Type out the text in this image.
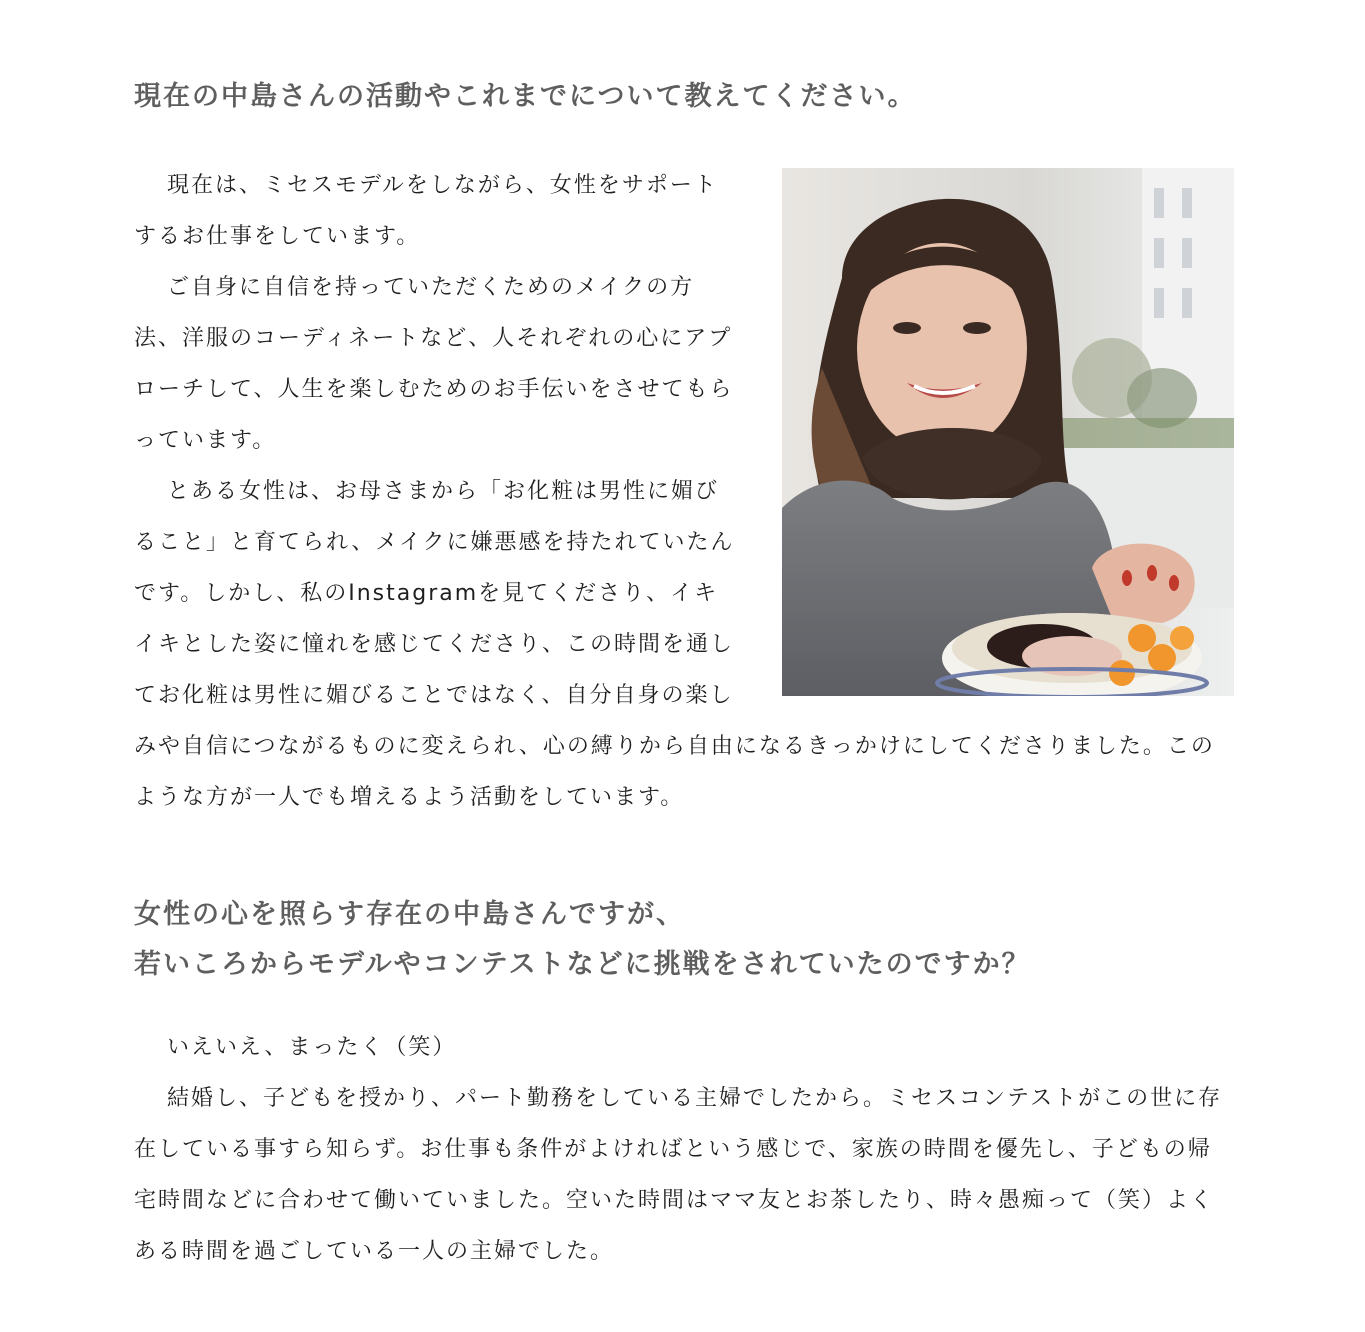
現在の中島さんの活動やこれまでについて教えてください。

現在は、ミセスモデルをしながら、女性をサポートするお仕事をしています。

ご自身に自信を持っていただくためのメイクの方法、洋服のコーディネートなど、人それぞれの心にアプローチして、人生を楽しむためのお手伝いをさせてもらっています。

とある女性は、お母さまから「お化粧は男性に媚びること」と育てられ、メイクに嫌悪感を持たれていたんです。しかし、私のInstagramを見てくださり、イキイキとした姿に憧れを感じてくださり、この時間を通してお化粧は男性に媚びることではなく、自分自身の楽しみや自信につながるものに変えられ、心の縛りから自由になるきっかけにしてくださりました。このような方が一人でも増えるよう活動をしています。

女性の心を照らす存在の中島さんですが、
若いころからモデルやコンテストなどに挑戦をされていたのですか？

いえいえ、まったく（笑）

結婚し、子どもを授かり、パート勤務をしている主婦でしたから。ミセスコンテストがこの世に存在している事すら知らず。お仕事も条件がよければという感じで、家族の時間を優先し、子どもの帰宅時間などに合わせて働いていました。空いた時間はママ友とお茶したり、時々愚痴って（笑）よくある時間を過ごしている一人の主婦でした。
